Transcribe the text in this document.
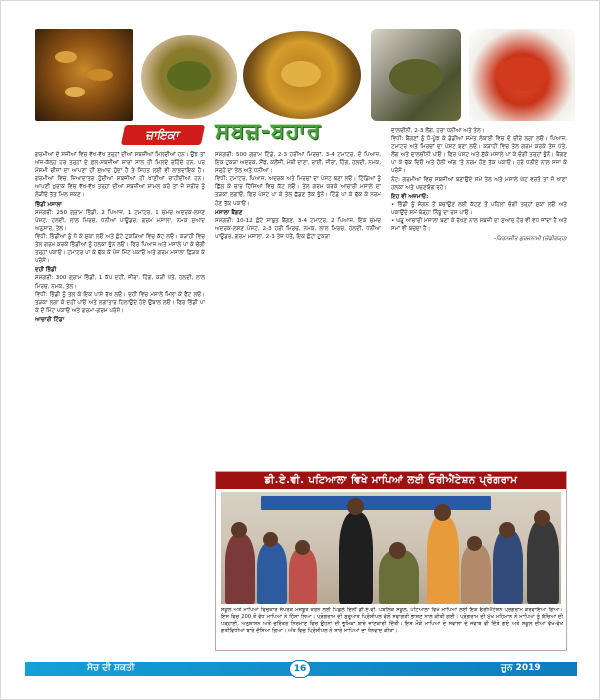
ਜ਼ਾਇਕਾ	ਸਬਜ਼-ਬਹਾਰ

ਗਰਮੀਆਂ ਦੇ ਸਜ਼ੀਆਂ ਵਿਚ ਵੱਖ-ਵੱਖ ਤਰ੍ਹਾਂ ਦੀਆਂ ਸਬਜ਼ੀਆਂ ਮਿਲਦੀਆਂ ਹਨ। ਉਂਝ ਤਾਂ ਅੱਜ-ਕੱਲ੍ਹ ਹਰ ਤਰ੍ਹਾਂ ਦੇ ਫ਼ਲ-ਸਬਜ਼ੀਆਂ ਸਾਰਾ ਸਾਲ ਹੀ ਮਿਲਦੇ ਰਹਿੰਦੇ ਹਨ, ਪਰ ਮੌਸਮੀ ਚੀਜ਼ਾਂ ਦਾ ਆਪਣਾ ਹੀ ਸੁਆਦ ਹੁੰਦਾ ਹੈ ਤੇ ਸਿਹਤ ਲਈ ਵੀ ਲਾਭਦਾਇਕ ਹੈ। ਗਰਮੀਆਂ ਵਿਚ ਜ਼ਿਆਦਾਤਰ ਹੁੰਦੀਆਂ ਸਬਜ਼ੀਆਂ ਹੀ ਖਾਣੀਆਂ ਚਾਹੀਦੀਆਂ ਹਨ। ਆਪਣੀ ਖੁਰਾਕ ਵਿਚ ਵੱਖ-ਵੱਖ ਤਰ੍ਹਾਂ ਦੀਆਂ ਸਬਜ਼ੀਆਂ ਸ਼ਾਮਲ ਕਰੋ ਤਾਂ ਜੋ ਸਰੀਰ ਨੂੰ ਲੋੜੀਂਦੇ ਤੱਤ ਮਿਲ ਸਕਣ।

ਭਿੰਡੀ ਮਸਾਲਾ

ਸਮੱਗਰੀ: 250 ਗ੍ਰਾਮ ਭਿੰਡੀ, 2 ਪਿਆਜ਼, 1 ਟਮਾਟਰ, 1 ਚਮਚ ਅਦਰਕ-ਲਸਣ ਪੇਸਟ, ਹਲਦੀ, ਲਾਲ ਮਿਰਚ, ਧਨੀਆ ਪਾਊਡਰ, ਗਰਮ ਮਸਾਲਾ, ਨਮਕ ਸੁਆਦ ਅਨੁਸਾਰ, ਤੇਲ।

ਵਿਧੀ: ਭਿੰਡੀਆਂ ਨੂੰ ਧੋ ਕੇ ਸੁਕਾ ਲਓ ਅਤੇ ਛੋਟੇ ਟੁਕੜਿਆਂ ਵਿਚ ਕੱਟ ਲਓ। ਕੜਾਹੀ ਵਿਚ ਤੇਲ ਗਰਮ ਕਰਕੇ ਭਿੰਡੀਆਂ ਨੂੰ ਹਲਕਾ ਭੁੰਨ ਲਓ। ਫਿਰ ਪਿਆਜ਼ ਅਤੇ ਮਸਾਲੇ ਪਾ ਕੇ ਚੰਗੀ ਤਰ੍ਹਾਂ ਪਕਾਓ। ਟਮਾਟਰ ਪਾ ਕੇ ਢੱਕ ਕੇ ਪੰਜ ਮਿੰਟ ਪਕਾਓ ਅਤੇ ਗਰਮ ਮਸਾਲਾ ਛਿੜਕ ਕੇ ਪਰੋਸੋ।

ਦਹੀਂ ਭਿੰਡੀ

ਸਮੱਗਰੀ: 300 ਗ੍ਰਾਮ ਭਿੰਡੀ, 1 ਕੱਪ ਦਹੀਂ, ਜੀਰਾ, ਹਿੰਗ, ਕੜੀ ਪੱਤੇ, ਹਲਦੀ, ਲਾਲ ਮਿਰਚ, ਨਮਕ, ਤੇਲ।

ਵਿਧੀ: ਭਿੰਡੀ ਨੂੰ ਤਲ ਕੇ ਇਕ ਪਾਸੇ ਰੱਖ ਲਓ। ਦਹੀਂ ਵਿਚ ਮਸਾਲੇ ਮਿਲਾ ਕੇ ਫੈਂਟ ਲਓ। ਤੜਕਾ ਲਗਾ ਕੇ ਦਹੀਂ ਪਾਓ ਅਤੇ ਲਗਾਤਾਰ ਹਿਲਾਉਂਦੇ ਹੋਏ ਉਬਾਲ ਲਓ। ਫਿਰ ਭਿੰਡੀ ਪਾ ਕੇ ਦੋ ਮਿੰਟ ਪਕਾਓ ਅਤੇ ਗਰਮਾ-ਗਰਮ ਪਰੋਸੋ।

ਆਚਾਰੀ ਟਿੰਡਾ

ਸਮੱਗਰੀ: 500 ਗ੍ਰਾਮ ਟਿੰਡੇ, 2-3 ਹਰੀਆਂ ਮਿਰਚਾਂ, 3-4 ਟਮਾਟਰ, ਦੋ ਪਿਆਜ਼, ਇਕ ਟੁਕੜਾ ਅਦਰਕ, ਸੌਂਫ, ਕਲੌਂਜੀ, ਮੇਥੀ ਦਾਣਾ, ਰਾਈ, ਜੀਰਾ, ਹਿੰਗ, ਹਲਦੀ, ਨਮਕ, ਸਰ੍ਹੋਂ ਦਾ ਤੇਲ ਅਤੇ ਧਨੀਆ।

ਵਿਧੀ: ਟਮਾਟਰ, ਪਿਆਜ਼, ਅਦਰਕ ਅਤੇ ਮਿਰਚਾਂ ਦਾ ਪੇਸਟ ਬਣਾ ਲਓ। ਟਿੰਡਿਆਂ ਨੂੰ ਛਿੱਲ ਕੇ ਚਾਰ ਹਿੱਸਿਆਂ ਵਿਚ ਕੱਟ ਲਓ। ਤੇਲ ਗਰਮ ਕਰਕੇ ਆਚਾਰੀ ਮਸਾਲੇ ਦਾ ਤੜਕਾ ਲਗਾਓ, ਫਿਰ ਪੇਸਟ ਪਾ ਕੇ ਤੇਲ ਛੱਡਣ ਤੱਕ ਭੁੰਨੋ। ਟਿੰਡੇ ਪਾ ਕੇ ਢੱਕ ਕੇ ਨਰਮ ਹੋਣ ਤੱਕ ਪਕਾਓ।

ਮਸਾਲਾ ਬੈਂਗਣ

ਸਮੱਗਰੀ: 10-12 ਛੋਟੇ ਸਾਬੁਤ ਬੈਂਗਣ, 3-4 ਟਮਾਟਰ, 2 ਪਿਆਜ਼, ਇਕ ਚਮਚ ਅਦਰਕ-ਲਸਣ ਪੇਸਟ, 2-3 ਹਰੀ ਮਿਰਚ, ਨਮਕ, ਲਾਲ ਮਿਰਚ, ਹਲਦੀ, ਧਨੀਆ ਪਾਊਡਰ, ਗਰਮ ਮਸਾਲਾ, 2-3 ਤੇਜ਼ ਪੱਤੇ, ਇਕ ਛੋਟਾ ਟੁਕੜਾ

ਦਾਲਚੀਨੀ, 2-3 ਲੌਂਗ, ਹਰਾ ਧਨੀਆ ਅਤੇ ਤੇਲ।

ਵਿਧੀ: ਬੈਂਗਣਾਂ ਨੂੰ ਧੋ-ਪੂੰਝ ਕੇ ਡੰਡੀਆਂ ਸਮੇਤ ਲੰਬਾਈ ਵਿਚ ਦੋ ਚੀਰੇ ਲਗਾ ਲਓ। ਪਿਆਜ਼, ਟਮਾਟਰ ਅਤੇ ਮਿਰਚਾਂ ਦਾ ਪੇਸਟ ਬਣਾ ਲਓ। ਕੜਾਹੀ ਵਿਚ ਤੇਲ ਗਰਮ ਕਰਕੇ ਤੇਜ਼ ਪੱਤੇ, ਲੌਂਗ ਅਤੇ ਦਾਲਚੀਨੀ ਪਾਓ। ਫਿਰ ਪੇਸਟ ਅਤੇ ਸੁੱਕੇ ਮਸਾਲੇ ਪਾ ਕੇ ਚੰਗੀ ਤਰ੍ਹਾਂ ਭੁੰਨੋ। ਬੈਂਗਣ ਪਾ ਕੇ ਢੱਕ ਦਿਓ ਅਤੇ ਹੌਲੀ ਅੱਗ 'ਤੇ ਨਰਮ ਹੋਣ ਤੱਕ ਪਕਾਓ। ਹਰੇ ਧਨੀਏ ਨਾਲ ਸਜਾ ਕੇ ਪਰੋਸੋ।

ਨੋਟ: ਗਰਮੀਆਂ ਵਿਚ ਸਬਜ਼ੀਆਂ ਬਣਾਉਂਦੇ ਸਮੇਂ ਤੇਲ ਅਤੇ ਮਸਾਲੇ ਘੱਟ ਵਰਤੋ ਤਾਂ ਜੋ ਖਾਣਾ ਹਲਕਾ ਅਤੇ ਪਚਣਯੋਗ ਰਹੇ।

ਇਹ ਵੀ ਅਜ਼ਮਾਓ:

• ਭਿੰਡੀ ਨੂੰ ਸੋਗਨ ਤੋਂ ਬਚਾਉਣ ਲਈ ਕੱਟਣ ਤੋਂ ਪਹਿਲਾਂ ਚੰਗੀ ਤਰ੍ਹਾਂ ਸੁਕਾ ਲਓ ਅਤੇ ਪਕਾਉਂਦੇ ਸਮੇਂ ਥੋੜ੍ਹਾ ਨਿੰਬੂ ਦਾ ਰਸ ਪਾਓ।

• ਘਰੂ ਆਚਾਰੀ ਮਸਾਲਾ ਬਣਾ ਕੇ ਰੱਖਣ ਨਾਲ ਸਬਜ਼ੀ ਦਾ ਸੁਆਦ ਹੋਰ ਵੀ ਵਧ ਜਾਂਦਾ ਹੈ ਅਤੇ ਸਮਾਂ ਵੀ ਬਚਦਾ ਹੈ।

-ਕਿਰਨਜੀਤ ਗੁਰਜਨਾਮੀ (ਚੰਡੀਗੜ੍ਹ)
ਡੀ.ਏ.ਵੀ. ਪਟਿਆਲਾ ਵਿਖੇ ਮਾਪਿਆਂ ਲਈ ਓਰੀਐਂਟੇਸ਼ਨ ਪ੍ਰੋਗਰਾਮ
ਸਕੂਲ ਅਤੇ ਮਾਪਿਆਂ ਵਿਚਕਾਰ ਸੰਪਰਕ ਮਜ਼ਬੂਤ ਕਰਨ ਲਈ ਪਿਛਲੇ ਦਿਨੀਂ ਡੀ.ਏ.ਵੀ. ਪਬਲਿਕ ਸਕੂਲ, ਪਟਿਆਲਾ ਵਿਖੇ ਮਾਪਿਆਂ ਲਈ ਇਕ ਓਰੀਐਂਟੇਸ਼ਨ ਪ੍ਰੋਗਰਾਮ ਕਰਵਾਇਆ ਗਿਆ। ਇਸ ਵਿਚ 200 ਤੋਂ ਵੱਧ ਮਾਪਿਆਂ ਨੇ ਹਿੱਸਾ ਲਿਆ। ਪ੍ਰੋਗਰਾਮ ਦੀ ਸ਼ੁਰੂਆਤ ਪ੍ਰਿੰਸੀਪਲ ਵੱਲੋਂ ਸਵਾਗਤੀ ਭਾਸ਼ਣ ਨਾਲ ਕੀਤੀ ਗਈ। ਪ੍ਰੋਗਰਾਮ ਦੀ ਮੁੱਖ ਮਹਿਮਾਨ ਨੇ ਮਾਪਿਆਂ ਨੂੰ ਬੱਚਿਆਂ ਦੀ ਪੜ੍ਹਾਈ, ਅਨੁਸ਼ਾਸਨ ਅਤੇ ਚਰਿੱਤਰ ਨਿਰਮਾਣ ਵਿਚ ਉਹਨਾਂ ਦੀ ਭੂਮਿਕਾ ਬਾਰੇ ਜਾਣਕਾਰੀ ਦਿੱਤੀ। ਇਸ ਮੌਕੇ ਮਾਪਿਆਂ ਦੇ ਸਵਾਲਾਂ ਦੇ ਜਵਾਬ ਵੀ ਦਿੱਤੇ ਗਏ ਅਤੇ ਸਕੂਲ ਦੀਆਂ ਵੱਖ-ਵੱਖ ਗਤੀਵਿਧੀਆਂ ਬਾਰੇ ਦੱਸਿਆ ਗਿਆ। ਅੰਤ ਵਿਚ ਪ੍ਰਿੰਸੀਪਲ ਨੇ ਸਾਰੇ ਮਾਪਿਆਂ ਦਾ ਧੰਨਵਾਦ ਕੀਤਾ।
ਸੋਚ ਦੀ ਸ਼ਕਤੀ	16	ਜੂਨ 2019
